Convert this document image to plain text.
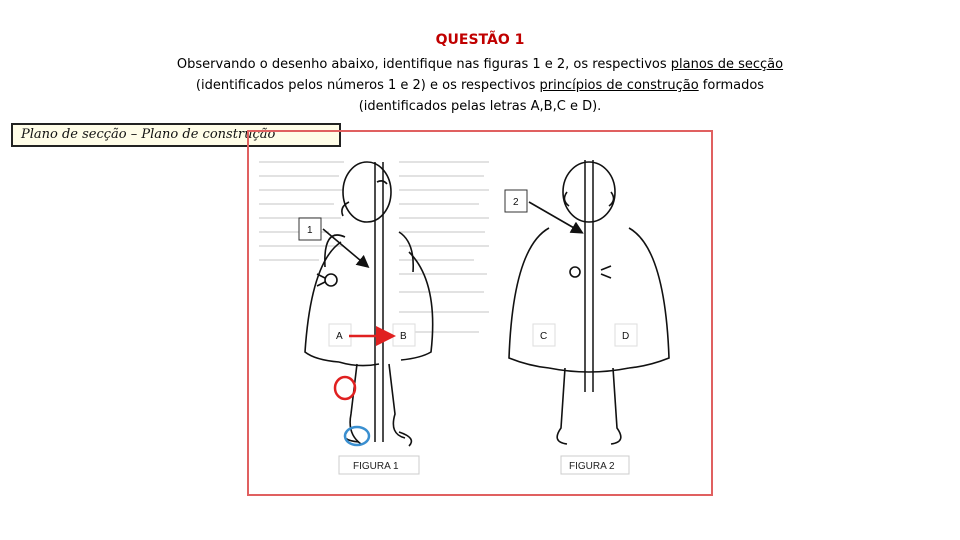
QUESTÃO 1
Observando o desenho abaixo, identifique nas figuras 1 e 2, os respectivos planos de secção (identificados pelos números 1 e 2) e os respectivos princípios de construção formados (identificados pelas letras A,B,C e D).
Plano de secção – Plano de construção
1
A	B
FIGURA 1
2
C	D
FIGURA 2
